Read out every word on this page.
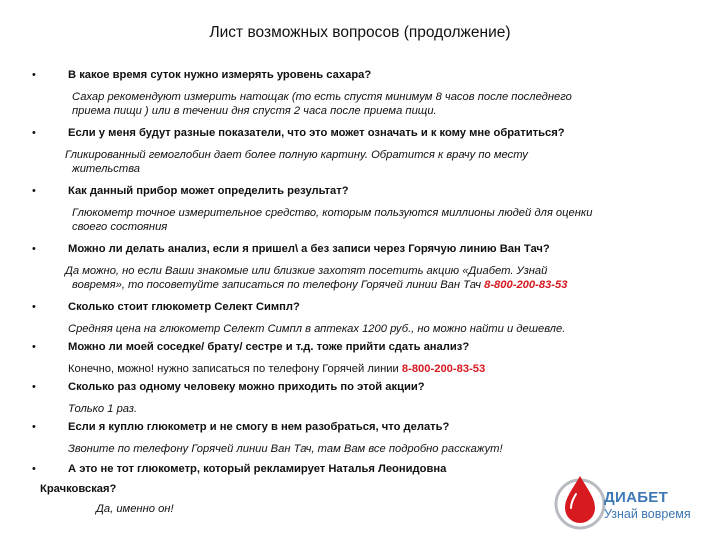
Лист возможных вопросов (продолжение)
•	В какое время суток нужно измерять уровень сахара?
Сахар рекомендуют измерить натощак (то есть спустя минимум 8 часов после последнего
приема пищи ) или в течении дня спустя 2 часа после приема пищи.
•	Если у меня будут разные показатели, что это может означать и к кому мне обратиться?
Гликированный гемоглобин дает более полную картину. Обратится к врачу по месту
жительства
•	Как данный прибор может определить результат?
Глюкометр точное измерительное средство, которым пользуются миллионы людей для оценки
своего состояния
•	Можно ли делать анализ, если я пришел\ а без записи через Горячую линию Ван Тач?
Да можно, но если Ваши знакомые или близкие захотят посетить акцию «Диабет. Узнай
вовремя», то посоветуйте записаться по телефону Горячей линии Ван Тач 8-800-200-83-53
•	Сколько стоит глюкометр Селект Симпл?
Средняя цена на глюкометр Селект Симпл в аптеках 1200 руб., но можно найти и дешевле.
•	Можно ли моей соседке/ брату/ сестре и т.д. тоже прийти сдать анализ?
Конечно, можно! нужно записаться по телефону Горячей линии 8-800-200-83-53
•	Сколько раз одному человеку можно приходить по этой акции?
Только 1 раз.
•	Если я куплю глюкометр и не смогу в нем разобраться, что делать?
Звоните по телефону Горячей линии Ван Тач, там Вам все подробно расскажут!
•	А это не тот глюкометр, который рекламирует Наталья Леонидовна
Крачковская?
Да, именно он!
ДИАБЕТ
Узнай вовремя
